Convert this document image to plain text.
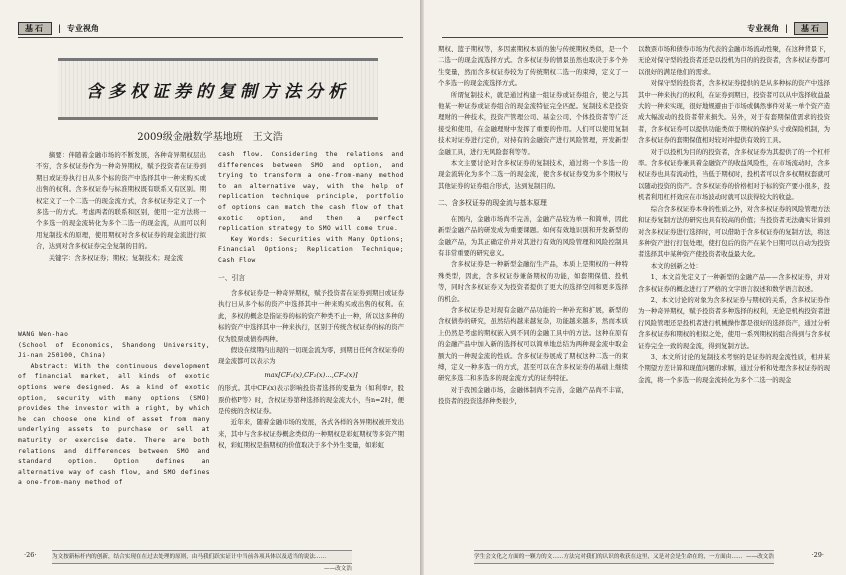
基石	| 专业视角
含多权证券的复制方法分析
2009级金融数学基地班　王文浩

摘要：伴随着金融市场的不断发展，各种奇异期权层出不穷，含多权证券作为一种奇异期权，赋予投资者在证券到期日或证券执行日从多个标的资产中选择其中一种来购买或出售的权利。含多权证券与标准期权既有联系又有区别。期权定义了一个二选一的现金流方式，含多权证券定义了一个多选一的方式。考虑两者的联系和区别，使用一定方法将一个多选一的现金流转化为多个二选一的现金流，从而可以利用复制技术的原理，使用期权对含多权证券的现金流进行拟合，达到对含多权证券完全复制的目的。

关键字：含多权证券；期权；复制技术；现金流

WANG Wen-hao

(School of Economics, Shandong University, Ji-nan 250100, China)

Abstract: With the continuous development of financial market, all kinds of exotic options were designed. As a kind of exotic option, security with many options (SMO) provides the investor with a right, by which he can choose one kind of asset from many underlying assets to purchase or sell at maturity or exercise date. There are both relations and differences between SMO and standard option. Option defines an alternative way of cash flow, and SMO defines a one-from-many method of

cash flow. Considering the relations and differences between SMO and option, and trying to transform a one-from-many method to an alternative way, with the help of replication technique principle, portfolio of options can match the cash flow of that exotic option, and then a perfect replication strategy to SMO will come true.

Key Words: Securities with Many Options; Financial Options; Replication Technique; Cash Flow

一、引言

含多权证券是一种奇异期权，赋予投资者在证券到期日或证券执行日从多个标的资产中选择其中一种来购买或出售的权利。在此，多权的概念是指证券的标的资产种类不止一种，所以这多种的标的资产中选择其中一种来执行，区别于传统含权证券的标的资产仅为股票或债券两种。

假设在续期内出现的一切现金流为零，到期日任何含权证券的现金流都可以表示为

max[CF₁(x),CF₂(x)…,CFₙ(x)]

的形式。其中CFᵢ(x)表示影响投资者选择的变量为（如利率r，股票价格P等）时，含权证券第种选择的现金流大小，当n=2时，便是传统的含权证券。

近年来，随着金融市场的发展，各式各样的各异期权被开发出来，其中与含多权证券概念类似的一种期权是彩虹期权等多资产期权，彩虹期权是指期权的价值取决于多个外生变量，如彩虹

为文按新标杆内的创新，结合实现在在过去处理的原则，由马我们跃实证计中当前各项具体以及适当的说法……
——改文浩
·26·
专业视角 |	基石

期权、篮子期权等，多因素期权本质的独与传统期权类似，是一个二选一的现金流选择方式。含多权证券的情景虽然也取决于多个外生变量，然而含多权证券较为了传统期权二选一的束缚，定义了一个多选一的现金流选择方式。

所谓复制技术，就是通过构建一组证券或证券组合，使之与其他某一种证券或证券组合的现金流特征完全匹配。复制技术是投资理财的一种技术，投资产管理公司、基金公司、个体投资者等广泛接受和使用，在金融理财中发挥了重要的作用。人们可以使用复制技术对证券进行定价，对持有的金融资产进行风险管理，开发新型金融工具，进行无风险套利等等。

本文主要讨论对含多权证券的复制技术，通过将一个多选一的现金流转化为多个二选一的现金流，使含多权证券变为多个期权与其他证券的证券组合形式，达到复制目的。

二、含多权证券的现金流与基本原理

在国内，金融市场尚不完善，金融产品较为单一和简单，因此新型金融产品的研发成为重要课题。如何有效地识别和开发新型的金融产品，为其正确定价并对其进行有效的风险管理和风险控制具有非常重要的研究意义。

含多权证券是一种新型金融衍生产品，本质上是期权的一种特殊类型，因此，含多权证券兼备期权的功能，如套期保值、投机等，同时含多权证券又为投资者提供了更大的选择空间和更多选择的机会。

含多权证券是对现有金融产品功能的一种补充和扩展，新型的含权债券的研究，虽然结构越来越复杂，功能越来越多，然而本质上仍然是考虑的期权嵌入到不同的金融工具中的方法。这种在原有的金融产品中加入新的选择权可以简单地总结为两种现金流中取金额大的一种现金流的性质。含多权证券展成了期权这种二选一的束缚，定义一种多选一的方式，甚至可以在含多权证券的基础上继续研究多选二和多选多的现金流方式的证券特征。

对于我国金融市场，金融体制尚不完善，金融产品尚不丰富，投资者的投资选择种类很少，

以数票市场和债券市场为代表的金融市场流动性聚，在这种背景下，无论对保守型的投资者还是以投机为目的的投资者，含多权证券都可以很好的满足他们的需求。

对保守型的投资者，含多权证券提供的是从多种标的资产中选择其中一种来执行的权利，在证券到期日，投资者可以从中选择收益最大的一种来实现，很好地规避由于市场或偶然事件对某一单个资产造成大幅波动的投资者带来损失。另外，对于有套期保值需求的投资者，含多权证券可以提供功能类似于期权的保护头寸或保险机制，为含多权证券的套期保值相对较对冲提供有效的工具。

对于以投机为目的的投资者，含多权证券为其提供了的一个杠杆率。含多权证券兼具着金融资产的收益风险性，在市场流动时，含多权证券也具有流动性，当低于期权时，投机者可以含多权期权套就可以随动投资的资产。含多权证券的价格相对于标的资产要小很多，投机者利用杠杆效应在市场波动时就可以获得较大的收益。

综合含多权证券本身的性质之外，对含多权证券的风险管理方法和证券复制方法的研究也具有较高的价值；当投资者无法确实计算到对含多权证券进行选择时，可以借助于含多权证券的复制方法，将这多种资产进行打包处理，使打包后的资产在某个日期可以自动为投资者选择其中某种资产使投资者收益最大化。

本文的创新之处：

1、本文首先定义了一种新型的金融产品——含多权证券，并对含多权证券的概念进行了严格的文字语言叙述和数学语言叙述。

2、本文讨论的对象为含多权证券与期权的关系，含多权证券作为一种奇异期权，赋予投资者多种选择的权利，无论是机构投资者进行风险管理还是投机者进行机械操作都是很好的选择资产，通过分析含多权证券和期权的相似之处，使用一系列期权的组合得到与含多权证券完全一致的现金流，得到复制方法。

3、本文所讨论的复制技术考察的是证券的现金流性质，相并某个期望方差计算和现值问题的求解，通过分析和处理含多权证券的现金流，将一个多选一的现金流转化为多个二选一的现金

学生会文化之方面的一颗力的文……方法完对我们的认识的收获在这里，又是对会是生命在的，一方面由…… ——改文浩	·29·
